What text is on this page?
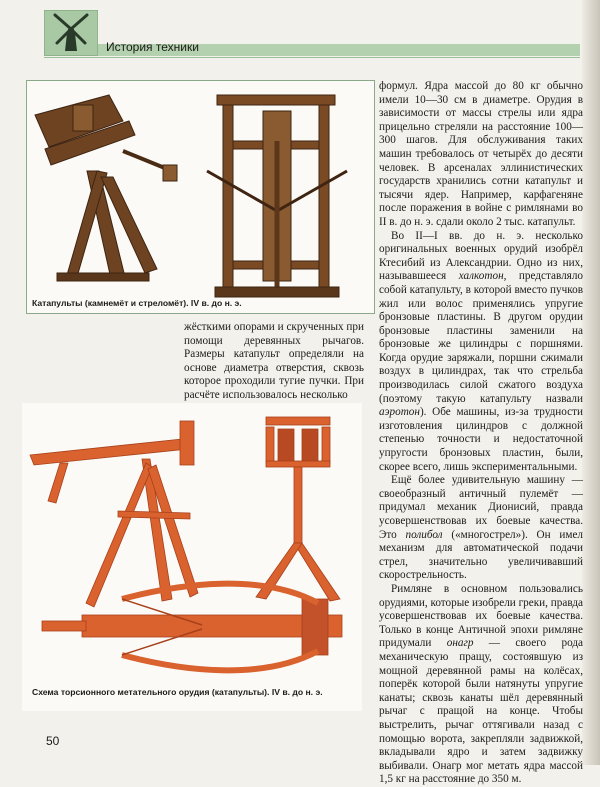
История техники
Катапульты (камнемёт и стреломёт). IV в. до н. э.

жёсткими опорами и скрученных при помощи деревянных рычагов. Размеры катапульт определяли на основе диаметра отверстия, сквозь которое проходили тугие пучки. При расчёте использовалось несколько

Схема торсионного метательного орудия (катапульты). IV в. до н. э.

формул. Ядра массой до 80 кг обычно имели 10—30 см в диаметре. Орудия в зависимости от массы стрелы или ядра прицельно стреляли на расстояние 100—300 шагов. Для обслуживания таких машин требовалось от четырёх до десяти человек. В арсеналах эллинистических государств хранились сотни катапульт и тысячи ядер. Например, карфагеняне после поражения в войне с римлянами во II в. до н. э. сдали около 2 тыс. катапульт.

Во II—I вв. до н. э. несколько оригинальных военных орудий изобрёл Ктесибий из Александрии. Одно из них, называвшееся халкотон, представляло собой катапульту, в которой вместо пучков жил или волос применялись упругие бронзовые пластины. В другом орудии бронзовые пластины заменили на бронзовые же цилиндры с поршнями. Когда орудие заряжали, поршни сжимали воздух в цилиндрах, так что стрельба производилась силой сжатого воздуха (поэтому такую катапульту назвали аэротон). Обе машины, из-за трудности изготовления цилиндров с должной степенью точности и недостаточной упругости бронзовых пластин, были, скорее всего, лишь экспериментальными.

Ещё более удивительную машину — своеобразный античный пулемёт — придумал механик Дионисий, правда усовершенствовав их боевые качества. Это полибол («многострел»). Он имел механизм для автоматической подачи стрел, значительно увеличивавший скорострельность.

Римляне в основном пользовались орудиями, которые изобрели греки, правда усовершенствовав их боевые качества. Только в конце Античной эпохи римляне придумали онагр — своего рода механическую пращу, состоявшую из мощной деревянной рамы на колёсах, поперёк которой были натянуты упругие канаты; сквозь канаты шёл деревянный рычаг с пращой на конце. Чтобы выстрелить, рычаг оттягивали назад с помощью ворота, закрепляли задвижкой, вкладывали ядро и затем задвижку выбивали. Онагр мог метать ядра массой 1,5 кг на расстояние до 350 м.

50
